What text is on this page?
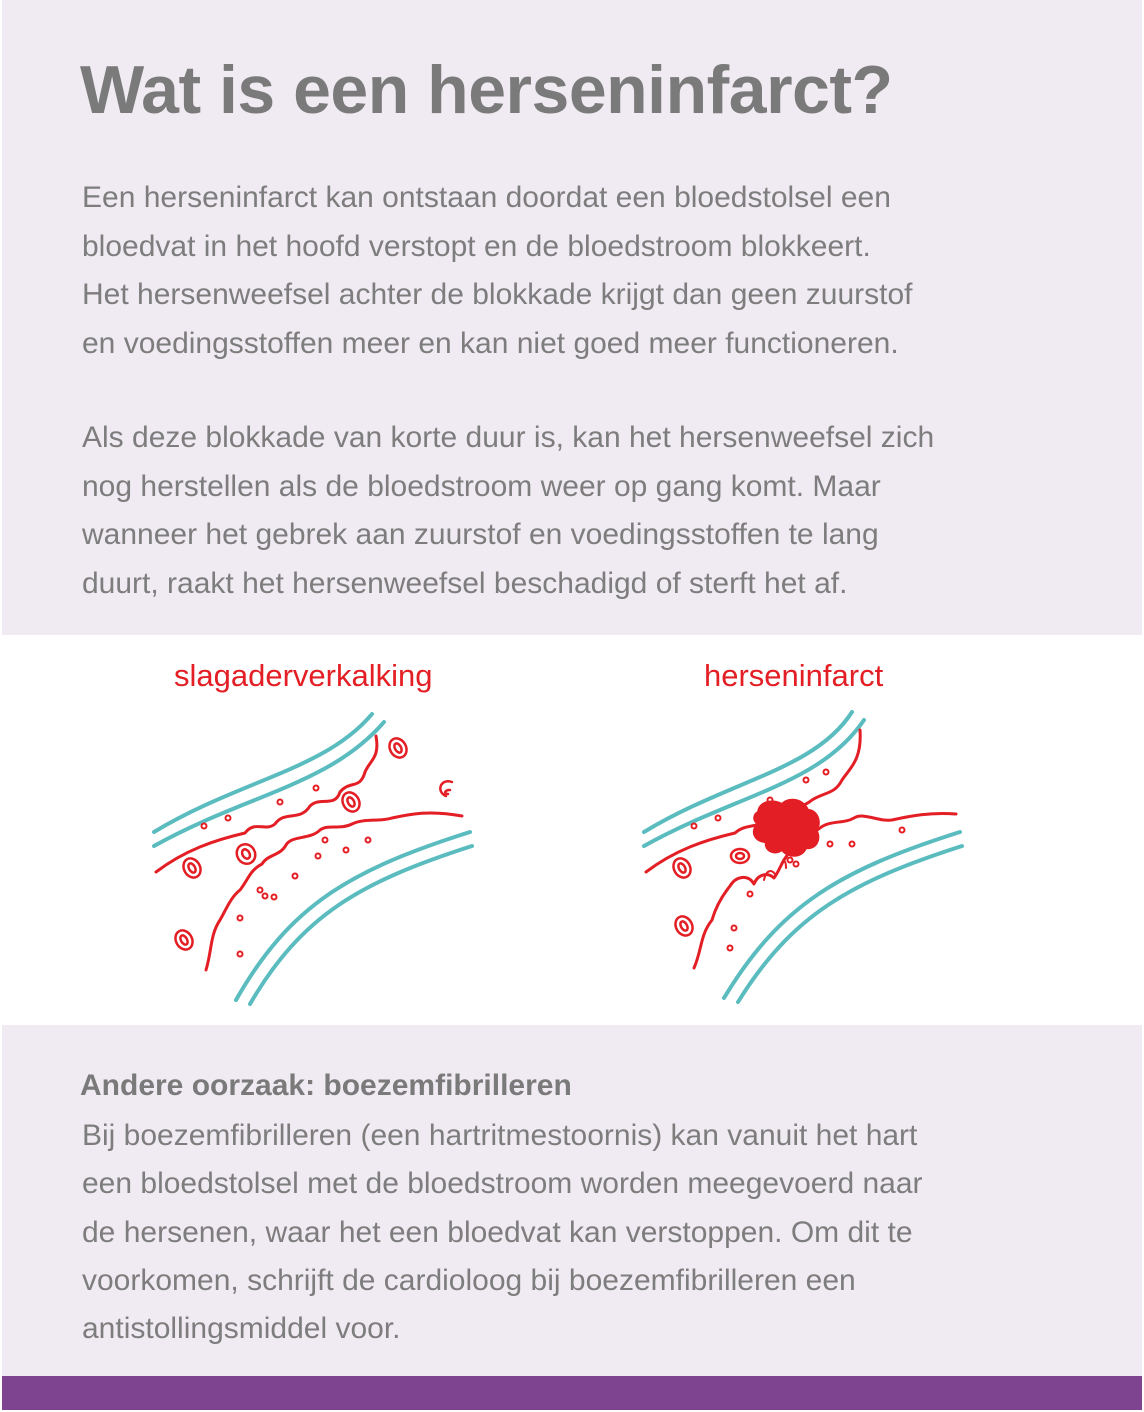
Wat is een herseninfarct?

Een herseninfarct kan ontstaan doordat een bloedstolsel een
bloedvat in het hoofd verstopt en de bloedstroom blokkeert.
Het hersenweefsel achter de blokkade krijgt dan geen zuurstof
en voedingsstoffen meer en kan niet goed meer functioneren.

Als deze blokkade van korte duur is, kan het hersenweefsel zich
nog herstellen als de bloedstroom weer op gang komt. Maar
wanneer het gebrek aan zuurstof en voedingsstoffen te lang
duurt, raakt het hersenweefsel beschadigd of sterft het af.

slagaderverkalking	herseninfarct
Andere oorzaak: boezemfibrilleren

Bij boezemfibrilleren (een hartritmestoornis) kan vanuit het hart
een bloedstolsel met de bloedstroom worden meegevoerd naar
de hersenen, waar het een bloedvat kan verstoppen. Om dit te
voorkomen, schrijft de cardioloog bij boezemfibrilleren een
antistollingsmiddel voor.
